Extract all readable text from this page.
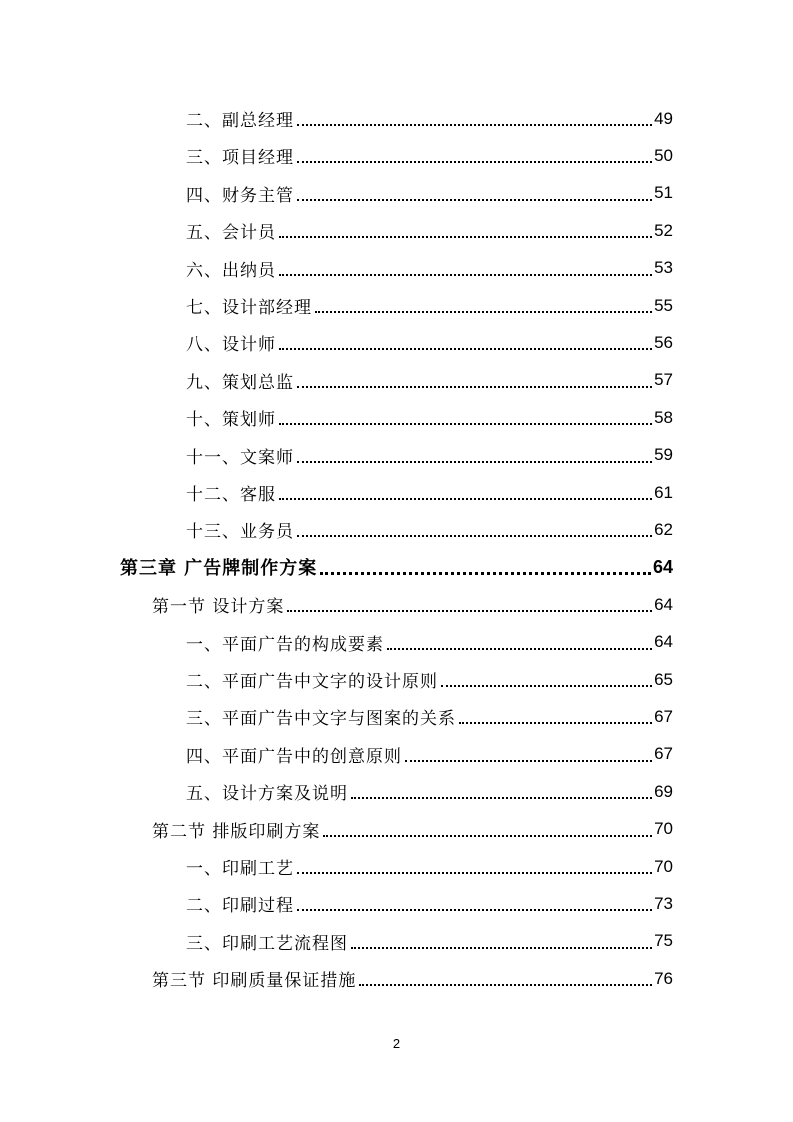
二、副总经理	49
三、项目经理	50
四、财务主管	51
五、会计员	52
六、出纳员	53
七、设计部经理	55
八、设计师	56
九、策划总监	57
十、策划师	58
十一、文案师	59
十二、客服	61
十三、业务员	62
第三章 广告牌制作方案	64
第一节 设计方案	64
一、平面广告的构成要素	64
二、平面广告中文字的设计原则	65
三、平面广告中文字与图案的关系	67
四、平面广告中的创意原则	67
五、设计方案及说明	69
第二节 排版印刷方案	70
一、印刷工艺	70
二、印刷过程	73
三、印刷工艺流程图	75
第三节 印刷质量保证措施	76
2
